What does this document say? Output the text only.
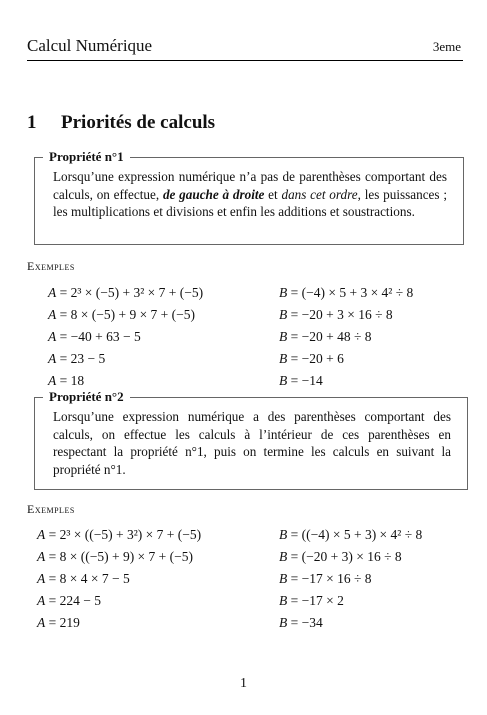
Calcul Numérique	3eme
1 Priorités de calculs
Propriété n°1
Lorsqu’une expression numérique n’a pas de parenthèses comportant des calculs, on effectue, de gauche à droite et dans cet ordre, les puissances ; les multiplications et divisions et enfin les additions et soustractions.
Exemples
A = 2³ × (−5) + 3² × 7 + (−5)
A = 8 × (−5) + 9 × 7 + (−5)
A = −40 + 63 − 5
A = 23 − 5
A = 18
B = (−4) × 5 + 3 × 4² ÷ 8
B = −20 + 3 × 16 ÷ 8
B = −20 + 48 ÷ 8
B = −20 + 6
B = −14
Propriété n°2
Lorsqu’une expression numérique a des parenthèses comportant des calculs, on effectue les calculs à l’intérieur de ces parenthèses en respectant la propriété n°1, puis on termine les calculs en suivant la propriété n°1.
Exemples
A = 2³ × ((−5) + 3²) × 7 + (−5)
A = 8 × ((−5) + 9) × 7 + (−5)
A = 8 × 4 × 7 − 5
A = 224 − 5
A = 219
B = ((−4) × 5 + 3) × 4² ÷ 8
B = (−20 + 3) × 16 ÷ 8
B = −17 × 16 ÷ 8
B = −17 × 2
B = −34
1
